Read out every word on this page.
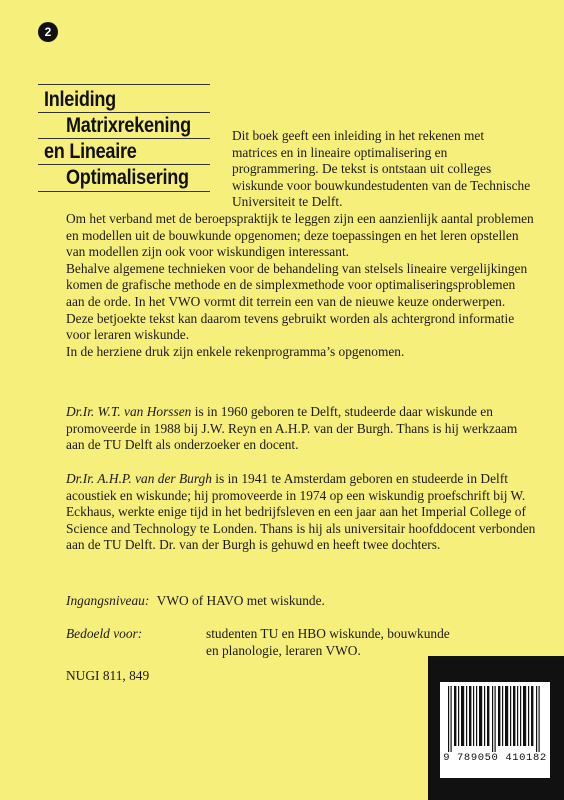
2
Inleiding
Matrixrekening
en Lineaire
Optimalisering

Dit boek geeft een inleiding in het rekenen met matrices en in lineaire optimalisering en programmering. De tekst is ontstaan uit colleges wiskunde voor bouwkundestudenten van de Technische Universiteit te Delft.

Om het verband met de beroepspraktijk te leggen zijn een aanzienlijk aantal problemen en modellen uit de bouwkunde opgenomen; deze toepassingen en het leren opstellen van modellen zijn ook voor wiskundigen interessant.

Behalve algemene technieken voor de behandeling van stelsels lineaire vergelijkingen komen de grafische methode en de simplexmethode voor optimaliseringsproblemen aan de orde. In het VWO vormt dit terrein een van de nieuwe keuze onderwerpen. Deze betjoekte tekst kan daarom tevens gebruikt worden als achtergrond informatie voor leraren wiskunde.

In de herziene druk zijn enkele rekenprogramma’s opgenomen.

Dr.Ir. W.T. van Horssen is in 1960 geboren te Delft, studeerde daar wiskunde en promoveerde in 1988 bij J.W. Reyn en A.H.P. van der Burgh. Thans is hij werkzaam aan de TU Delft als onderzoeker en docent.

Dr.Ir. A.H.P. van der Burgh is in 1941 te Amsterdam geboren en studeerde in Delft acoustiek en wiskunde; hij promoveerde in 1974 op een wiskundig proefschrift bij W. Eckhaus, werkte enige tijd in het bedrijfsleven en een jaar aan het Imperial College of Science and Technology te Londen. Thans is hij als universitair hoofddocent verbonden aan de TU Delft. Dr. van der Burgh is gehuwd en heeft twee dochters.

Ingangsniveau: VWO of HAVO met wiskunde.
Bedoeld voor:	studenten TU en HBO wiskunde, bouwkunde
en planologie, leraren VWO.
NUGI 811, 849
9 789050 410182
